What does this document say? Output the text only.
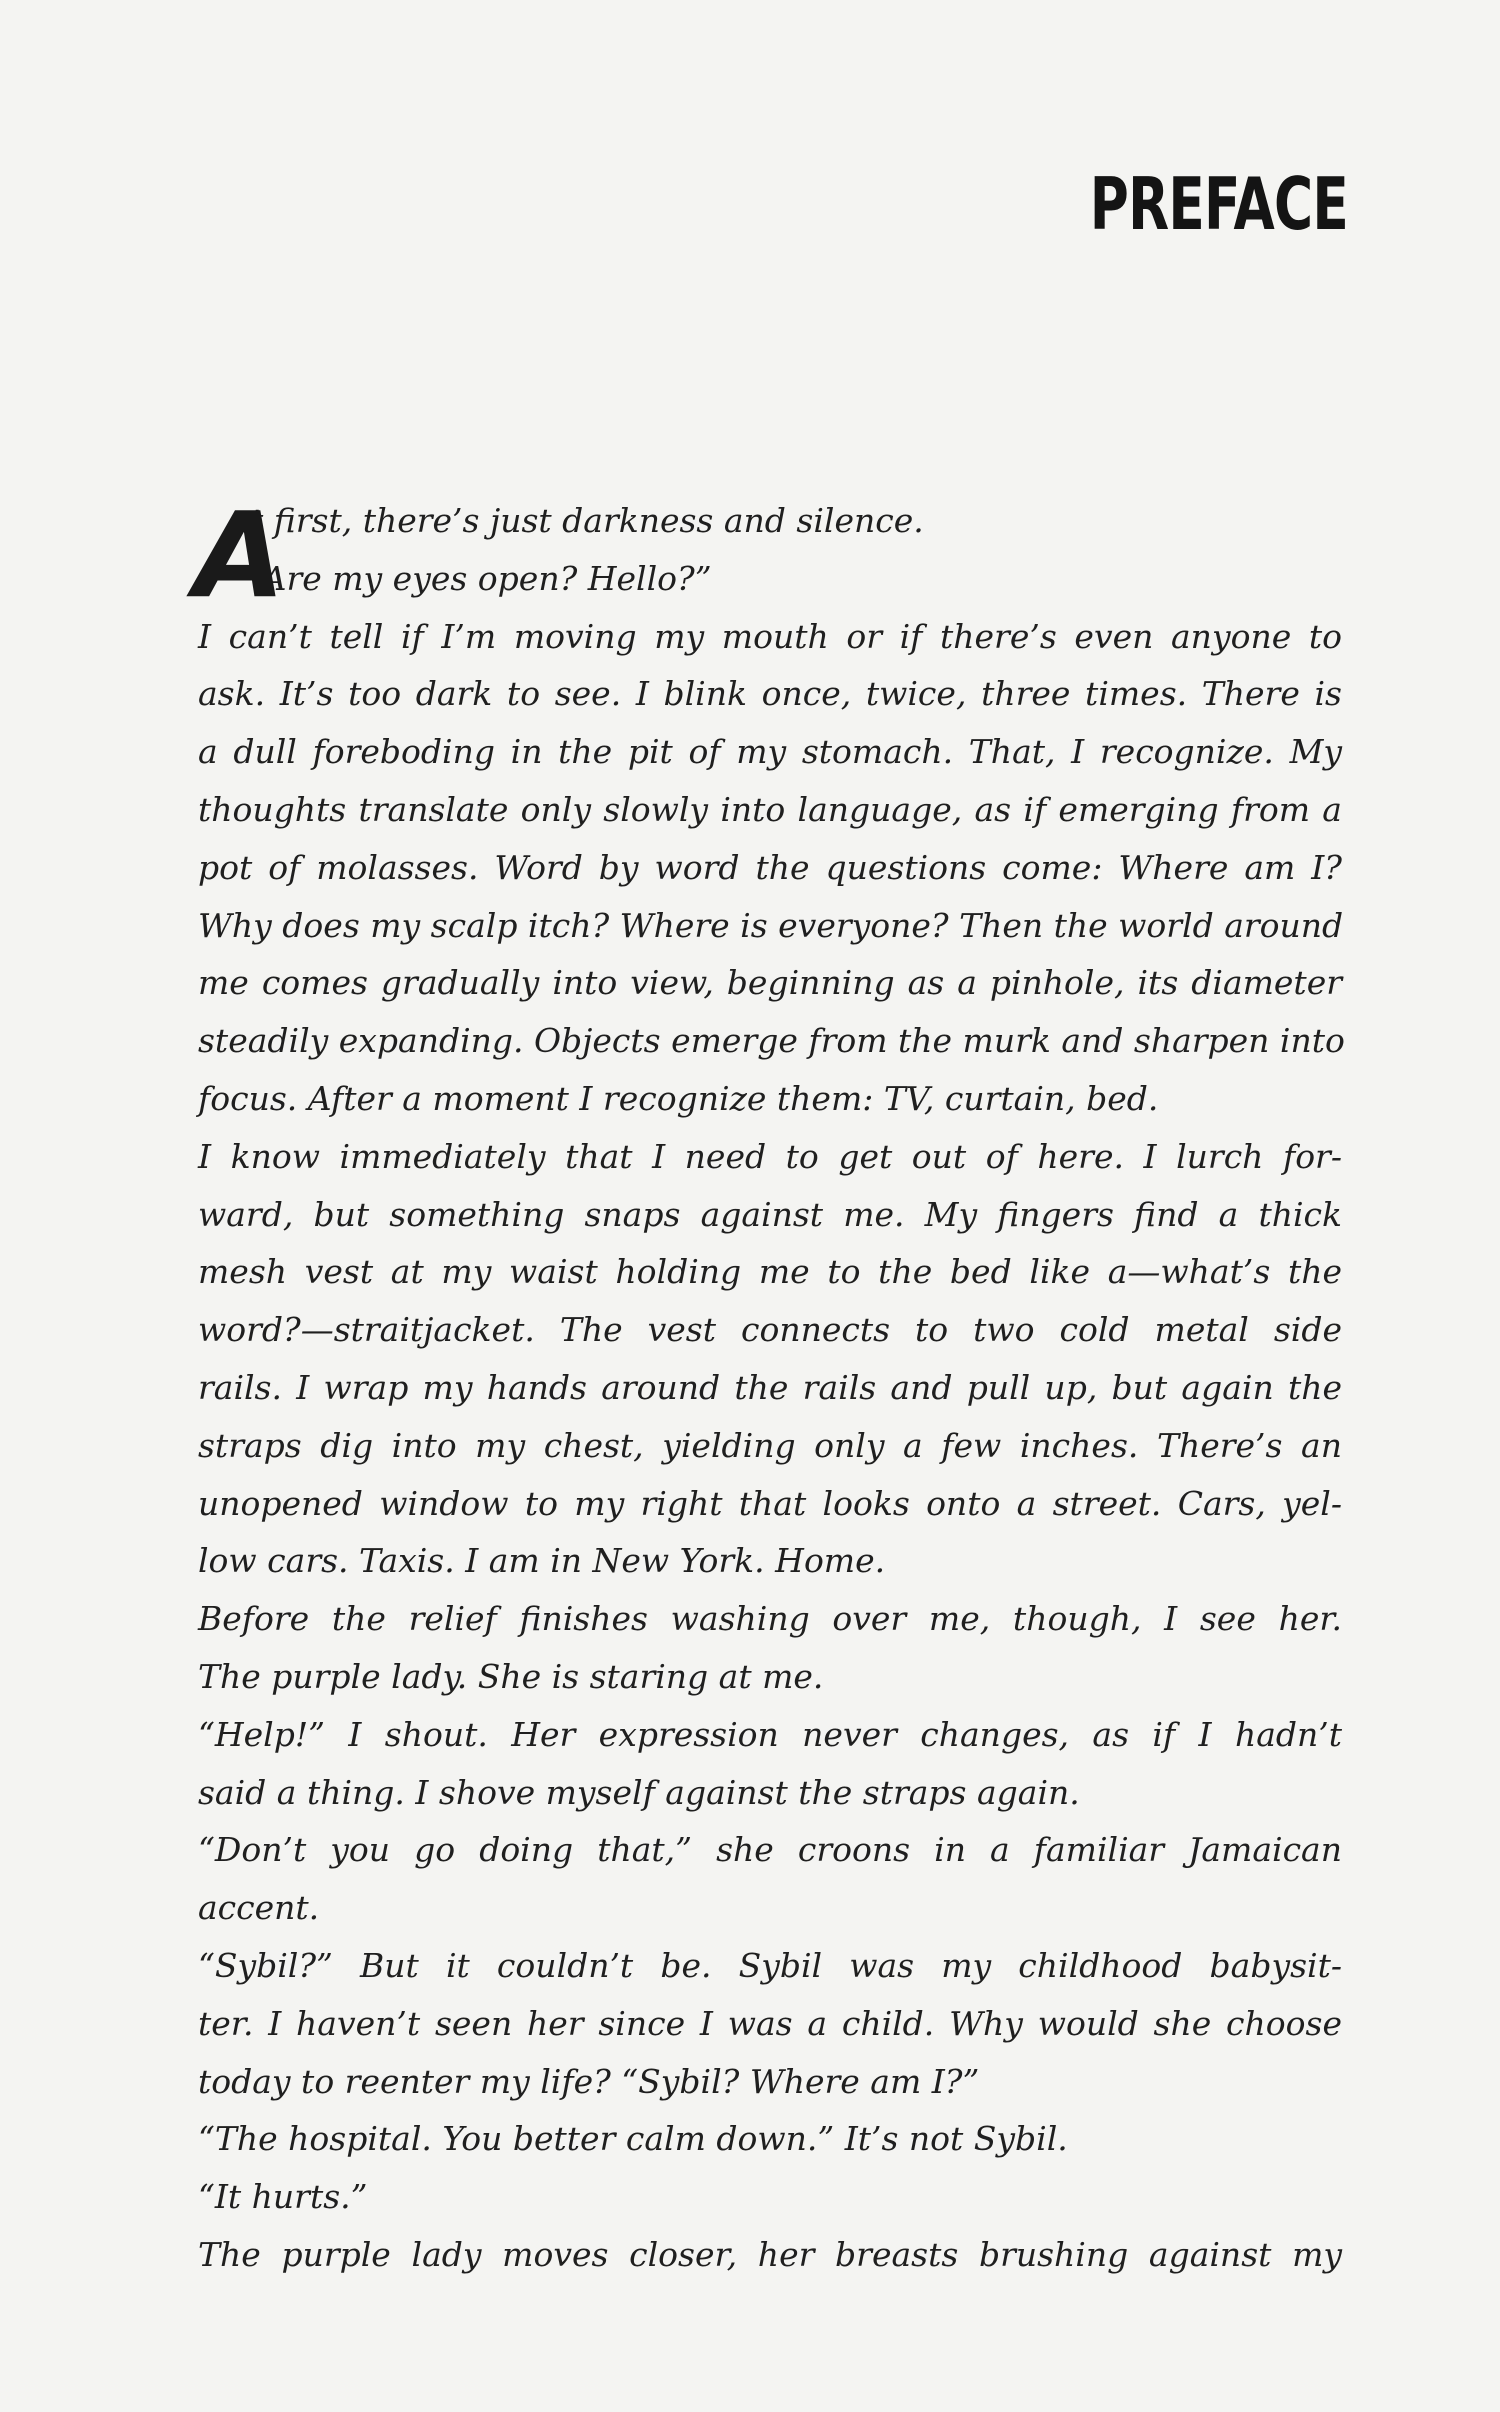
PREFACE
A
t first, there’s just darkness and silence.
“Are my eyes open? Hello?”
I can’t tell if I’m moving my mouth or if there’s even anyone to
ask. It’s too dark to see. I blink once, twice, three times. There is
a dull foreboding in the pit of my stomach. That, I recognize. My
thoughts translate only slowly into language, as if emerging from a
pot of molasses. Word by word the questions come: Where am I?
Why does my scalp itch? Where is everyone? Then the world around
me comes gradually into view, beginning as a pinhole, its diameter
steadily expanding. Objects emerge from the murk and sharpen into
focus. After a moment I recognize them: TV, curtain, bed.
I know immediately that I need to get out of here. I lurch for-
ward, but something snaps against me. My fingers find a thick
mesh vest at my waist holding me to the bed like a—what’s the
word?—straitjacket. The vest connects to two cold metal side
rails. I wrap my hands around the rails and pull up, but again the
straps dig into my chest, yielding only a few inches. There’s an
unopened window to my right that looks onto a street. Cars, yel-
low cars. Taxis. I am in New York. Home.
Before the relief finishes washing over me, though, I see her.
The purple lady. She is staring at me.
“Help!” I shout. Her expression never changes, as if I hadn’t
said a thing. I shove myself against the straps again.
“Don’t you go doing that,” she croons in a familiar Jamaican
accent.
“Sybil?” But it couldn’t be. Sybil was my childhood babysit-
ter. I haven’t seen her since I was a child. Why would she choose
today to reenter my life? “Sybil? Where am I?”
“The hospital. You better calm down.” It’s not Sybil.
“It hurts.”
The purple lady moves closer, her breasts brushing against my
